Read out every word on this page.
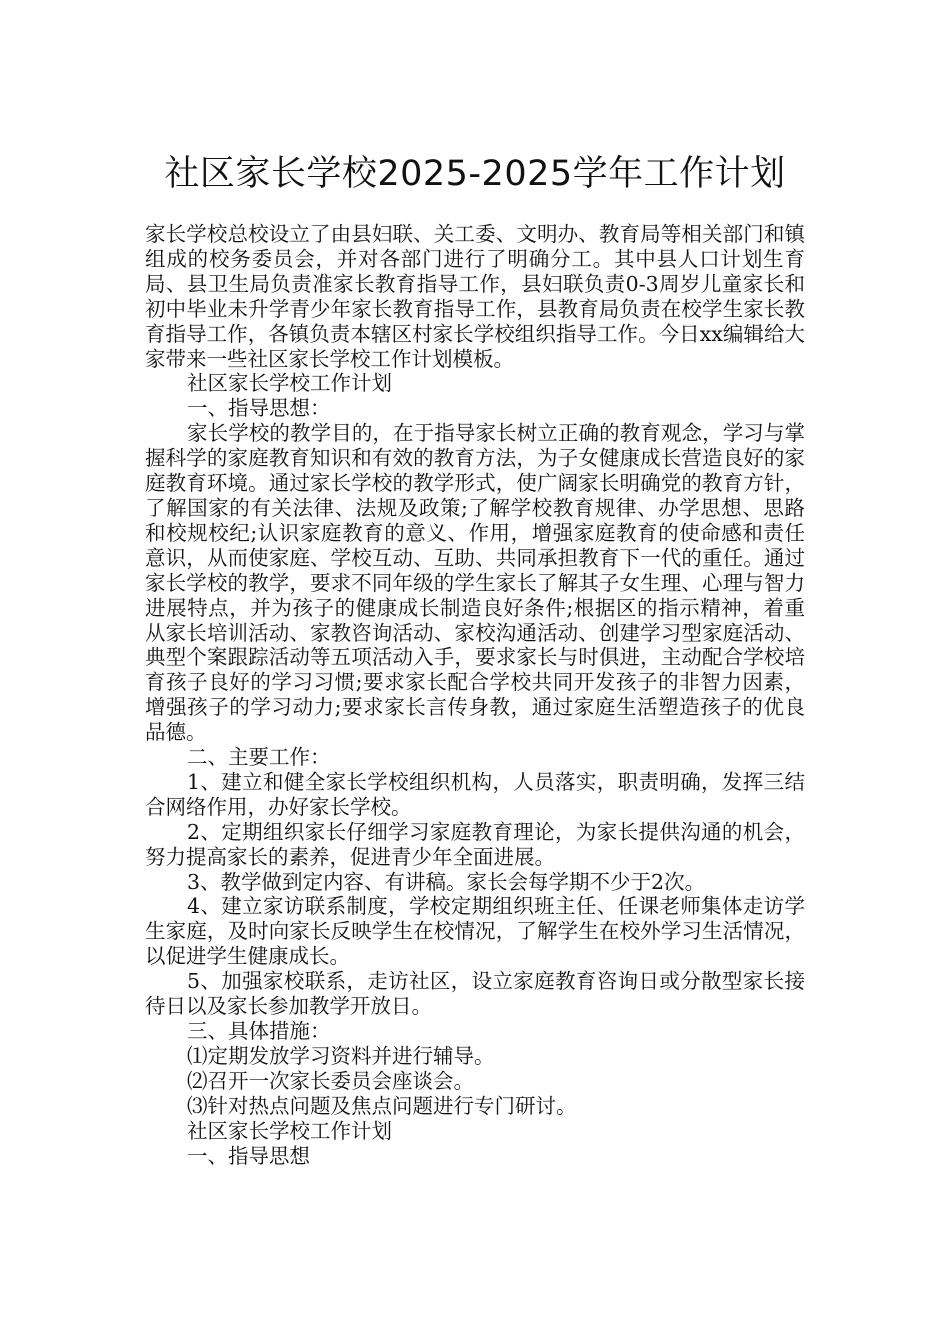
社区家长学校2025-2025学年工作计划

家长学校总校设立了由县妇联、关工委、文明办、教育局等相关部门和镇组成的校务委员会，并对各部门进行了明确分工。其中县人口计划生育局、县卫生局负责准家长教育指导工作，县妇联负责0-3周岁儿童家长和初中毕业未升学青少年家长教育指导工作，县教育局负责在校学生家长教育指导工作，各镇负责本辖区村家长学校组织指导工作。今日xx编辑给大家带来一些社区家长学校工作计划模板。

社区家长学校工作计划

一、指导思想：

家长学校的教学目的，在于指导家长树立正确的教育观念，学习与掌握科学的家庭教育知识和有效的教育方法，为子女健康成长营造良好的家庭教育环境。通过家长学校的教学形式，使广阔家长明确党的教育方针，了解国家的有关法律、法规及政策;了解学校教育规律、办学思想、思路和校规校纪;认识家庭教育的意义、作用，增强家庭教育的使命感和责任意识，从而使家庭、学校互动、互助、共同承担教育下一代的重任。通过家长学校的教学，要求不同年级的学生家长了解其子女生理、心理与智力进展特点，并为孩子的健康成长制造良好条件;根据区的指示精神，着重从家长培训活动、家教咨询活动、家校沟通活动、创建学习型家庭活动、典型个案跟踪活动等五项活动入手，要求家长与时俱进，主动配合学校培育孩子良好的学习习惯;要求家长配合学校共同开发孩子的非智力因素，增强孩子的学习动力;要求家长言传身教，通过家庭生活塑造孩子的优良品德。

二、主要工作：

1、建立和健全家长学校组织机构，人员落实，职责明确，发挥三结合网络作用，办好家长学校。

2、定期组织家长仔细学习家庭教育理论，为家长提供沟通的机会，努力提高家长的素养，促进青少年全面进展。

3、教学做到定内容、有讲稿。家长会每学期不少于2次。

4、建立家访联系制度，学校定期组织班主任、任课老师集体走访学生家庭，及时向家长反映学生在校情况，了解学生在校外学习生活情况，以促进学生健康成长。

5、加强家校联系，走访社区，设立家庭教育咨询日或分散型家长接待日以及家长参加教学开放日。

三、具体措施：

⑴定期发放学习资料并进行辅导。

⑵召开一次家长委员会座谈会。

⑶针对热点问题及焦点问题进行专门研讨。

社区家长学校工作计划

一、指导思想
